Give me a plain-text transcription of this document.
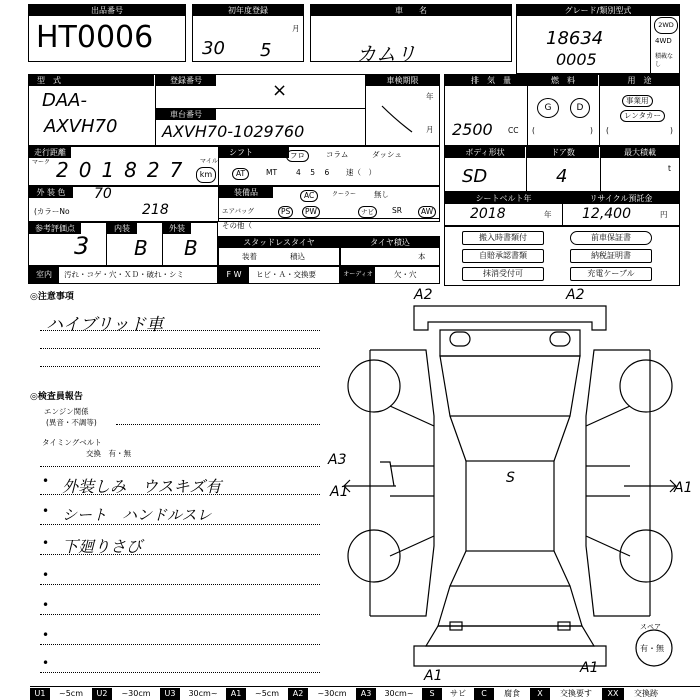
出品番号
HT0006
初年度登録
30 5
月
車　　名
カムリ
グレード/類別型式
18634
0005
2WD
4WD
積載なし
型　式
DAA-
AXVH70
登録番号	×
車台番号
AXVH70-1029760
車検期限
年
月
排　気　量
2500 CC
燃　料
G	D
(	)
用　途
事業用
レンタカー
(	)
走行距離
マーク 201827 マイル
km
シフト	フロ	コラム	ダッシュ
AT	MT	4　5　6 速（　）
ボディ形状
SD
ドア数
4
最大積載
t
外 装 色	70
(カラーNo	218
装備品	AC	クーラー 無し
エアバッグ	PS	PW	ナビ	SR	AW
その他（
シートベルト年
2018	年
リサイクル預託金
12,400	円
参考評価点
3
内装
B
外装
B	スタッドレスタイヤ
装着	積込
タイヤ積込
本
搬入時書類付
自賠承認書類
抹消受付可
前車保証書
納税証明書
充電ケーブル
室内	汚れ・コゲ・穴・ＸＤ・破れ・シミ	F W	ヒビ・Ａ・交換要	オーディオ	欠・穴
◎注意事項
ハイブリッド車
◎検査員報告
エンジン関係
(異音・不調等)
タイミングベルト
交換　有・無
• 外装しみ　ウスキズ有
• シート　ハンドルスレ
• 下廻りさび
•
•
•
•
A2	A2
A3
A1	A1
S
A1	A1
スペア
有・無
U1	~5cm	U2	~30cm	U3	30cm~	A1	~5cm	A2	~30cm	A3	30cm~	S	サビ	C	腐食	X	交換要す	XX	交換跡
